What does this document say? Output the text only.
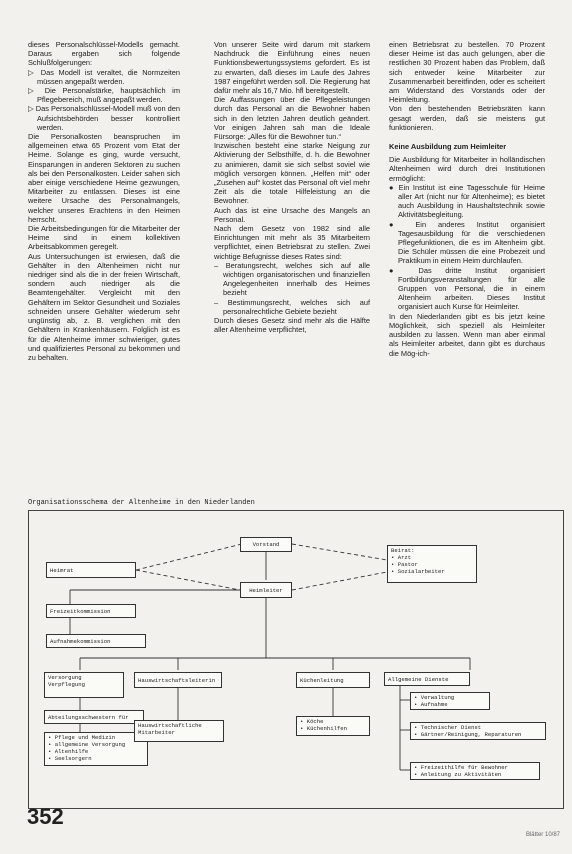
dieses Personalschlüssel-Modells gemacht. Daraus ergaben sich folgende Schlußfolgerungen:

▷ Das Modell ist veraltet, die Normzeiten müssen angepaßt werden.

▷ Die Personalstärke, hauptsächlich im Pflegebereich, muß angepaßt werden.

▷ Das Personalschlüssel-Modell muß von den Aufsichtsbehörden besser kontrolliert werden.

Die Personalkosten beanspruchen im allgemeinen etwa 65 Prozent vom Etat der Heime. Solange es ging, wurde versucht, Einsparungen in anderen Sektoren zu suchen als bei den Personalkosten. Leider sahen sich aber einige verschiedene Heime gezwungen, Mitarbeiter zu entlassen. Dieses ist eine weitere Ursache des Personalmangels, welcher unseres Erachtens in den Heimen herrscht.

Die Arbeitsbedingungen für die Mitarbeiter der Heime sind in einem kollektiven Arbeitsabkommen geregelt.

Aus Untersuchungen ist erwiesen, daß die Gehälter in den Altenheimen nicht nur niedriger sind als die in der freien Wirtschaft, sondern auch niedriger als die Beamtengehälter. Vergleicht mit den Gehältern im Sektor Gesundheit und Soziales schneiden unsere Gehälter wiederum sehr ungünstig ab, z. B. verglichen mit den Gehältern in Krankenhäusern. Folglich ist es für die Altenheime immer schwieriger, gutes und qualifiziertes Personal zu bekommen und zu behalten.

Von unserer Seite wird darum mit starkem Nachdruck die Einführung eines neuen Funktionsbewertungssystems gefordert. Es ist zu erwarten, daß dieses im Laufe des Jahres 1987 eingeführt werden soll. Die Regierung hat dafür mehr als 16,7 Mio. hfl bereitgestellt.

Die Auffassungen über die Pflegeleistungen durch das Personal an die Bewohner haben sich in den letzten Jahren deutlich geändert. Vor einigen Jahren sah man die Ideale Fürsorge: „Alles für die Bewohner tun.“

Inzwischen besteht eine starke Neigung zur Aktivierung der Selbsthilfe, d. h. die Bewohner zu animieren, damit sie sich selbst soviel wie möglich versorgen können. „Helfen mit“ oder „Zusehen auf“ kostet das Personal oft viel mehr Zeit als die totale Hilfeleistung an die Bewohner.

Auch das ist eine Ursache des Mangels an Personal.

Nach dem Gesetz von 1982 sind alle Einrichtungen mit mehr als 35 Mitarbeitern verpflichtet, einen Betriebsrat zu stellen. Zwei wichtige Befugnisse dieses Rates sind:

– Beratungsrecht, welches sich auf alle wichtigen organisatorischen und finanziellen Angelegenheiten innerhalb des Heimes bezieht

– Bestimmungsrecht, welches sich auf personalrechtliche Gebiete bezieht

Durch dieses Gesetz sind mehr als die Hälfte aller Altenheime verpflichtet,

einen Betriebsrat zu bestellen. 70 Prozent dieser Heime ist das auch gelungen, aber die restlichen 30 Prozent haben das Problem, daß sich entweder keine Mitarbeiter zur Zusammenarbeit bereitfinden, oder es scheitert am Widerstand des Vorstands oder der Heimleitung.

Von den bestehenden Betriebsräten kann gesagt werden, daß sie meistens gut funktionieren.

Keine Ausbildung zum Heimleiter

Die Ausbildung für Mitarbeiter in holländischen Altenheimen wird durch drei Institutionen ermöglicht:

● Ein Institut ist eine Tagesschule für Heime aller Art (nicht nur für Altenheime); es bietet auch Ausbildung in Haushaltstechnik sowie Aktivitätsbegleitung.

● Ein anderes Institut organisiert Tagesausbildung für die verschiedenen Pflegefunktionen, die es im Altenheim gibt. Die Schüler müssen die eine Probezeit und Praktikum in einem Heim durchlaufen.

● Das dritte Institut organisiert Fortbildungsveranstaltungen für alle Gruppen von Personal, die in einem Altenheim arbeiten. Dieses Institut organisiert auch Kurse für Heimleiter.

In den Niederlanden gibt es bis jetzt keine Möglichkeit, sich speziell als Heimleiter ausbilden zu lassen. Wenn man aber einmal als Heimleiter arbeitet, dann gibt es durchaus die Mög-ich-

Organisationsschema der Altenheime in den Niederlanden
Vorstand
Heimrat
Heimleiter
Beirat:
• Arzt
• Pastor
• Sozialarbeiter
Freizeitkommission
Aufnahmekommission
Versorgung
Verpflegung
Hauswirtschaftsleiterin	Küchenleitung	Allgemeine Dienste
Abteilungsschwestern für
• Pflege und Medizin
• allgemeine Versorgung
• Altenhilfe
• Seelsorgern
Hauswirtschaftliche
Mitarbeiter
• Köche
• Küchenhilfen
• Verwaltung
• Aufnahme
• Technischer Dienst
• Gärtner/Reinigung, Reparaturen
• Freizeithilfe für Bewohner
• Anleitung zu Aktivitäten
352
Blätter 10/87
